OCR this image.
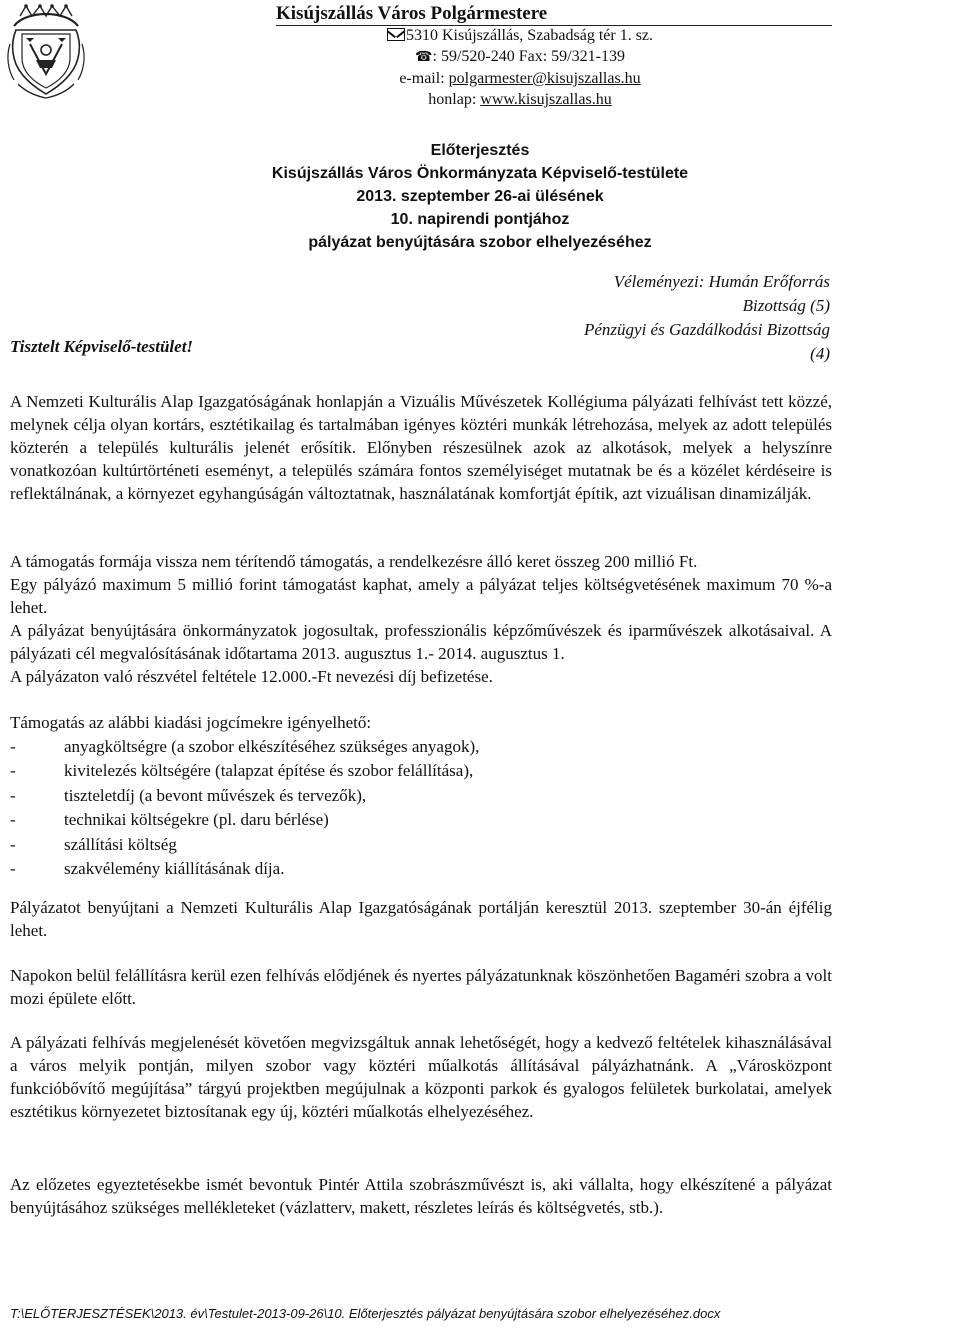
Kisújszállás Város Polgármestere
5310 Kisújszállás, Szabadság tér 1. sz.
☎: 59/520-240 Fax: 59/321-139
e-mail: polgarmester@kisujszallas.hu
honlap: www.kisujszallas.hu
Előterjesztés
Kisújszállás Város Önkormányzata Képviselő-testülete
2013. szeptember 26-ai ülésének
10. napirendi pontjához
pályázat benyújtására szobor elhelyezéséhez
Véleményezi: Humán Erőforrás Bizottság (5)
Pénzügyi és Gazdálkodási Bizottság (4)
Tisztelt Képviselő-testület!
A Nemzeti Kulturális Alap Igazgatóságának honlapján a Vizuális Művészetek Kollégiuma pályázati felhívást tett közzé, melynek célja olyan kortárs, esztétikailag és tartalmában igényes köztéri munkák létrehozása, melyek az adott település közterén a település kulturális jelenét erősítik. Előnyben részesülnek azok az alkotások, melyek a helyszínre vonatkozóan kultúrtörténeti eseményt, a település számára fontos személyiséget mutatnak be és a közélet kérdéseire is reflektálnának, a környezet egyhangúságán változtatnak, használatának komfortját építik, azt vizuálisan dinamizálják.
A támogatás formája vissza nem térítendő támogatás, a rendelkezésre álló keret összeg 200 millió Ft.
Egy pályázó maximum 5 millió forint támogatást kaphat, amely a pályázat teljes költségvetésének maximum 70 %-a lehet.
A pályázat benyújtására önkormányzatok jogosultak, professzionális képzőművészek és iparművészek alkotásaival. A pályázati cél megvalósításának időtartama 2013. augusztus 1.- 2014. augusztus 1.
A pályázaton való részvétel feltétele 12.000.-Ft nevezési díj befizetése.
Támogatás az alábbi kiadási jogcímekre igényelhető:
-	anyagköltségre (a szobor elkészítéséhez szükséges anyagok),
-	kivitelezés költségére (talapzat építése és szobor felállítása),
-	tiszteletdíj (a bevont művészek és tervezők),
-	technikai költségekre (pl. daru bérlése)
-	szállítási költség
-	szakvélemény kiállításának díja.
Pályázatot benyújtani a Nemzeti Kulturális Alap Igazgatóságának portálján keresztül 2013. szeptember 30-án éjfélig lehet.
Napokon belül felállításra kerül ezen felhívás elődjének és nyertes pályázatunknak köszönhetően Bagaméri szobra a volt mozi épülete előtt.
A pályázati felhívás megjelenését követően megvizsgáltuk annak lehetőségét, hogy a kedvező feltételek kihasználásával a város melyik pontján, milyen szobor vagy köztéri műalkotás állításával pályázhatnánk. A „Városközpont funkcióbővítő megújítása” tárgyú projektben megújulnak a központi parkok és gyalogos felületek burkolatai, amelyek esztétikus környezetet biztosítanak egy új, köztéri műalkotás elhelyezéséhez.
Az előzetes egyeztetésekbe ismét bevontuk Pintér Attila szobrászművészt is, aki vállalta, hogy elkészítené a pályázat benyújtásához szükséges mellékleteket (vázlatterv, makett, részletes leírás és költségvetés, stb.).
T:\ELŐTERJESZTÉSEK\2013. év\Testulet-2013-09-26\10. Előterjesztés pályázat benyújtására szobor elhelyezéséhez.docx
